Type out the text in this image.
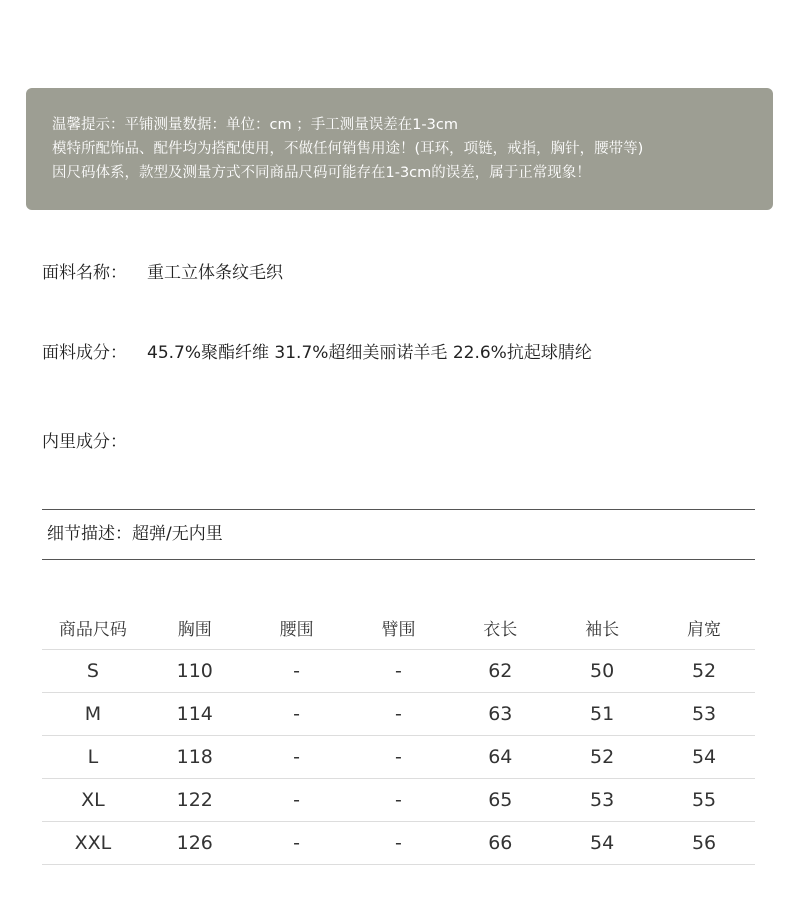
温馨提示：平铺测量数据：单位：cm ；手工测量误差在1-3cm
模特所配饰品、配件均为搭配使用，不做任何销售用途！(耳环，项链，戒指，胸针，腰带等)
因尺码体系，款型及测量方式不同商品尺码可能存在1-3cm的误差，属于正常现象！
面料名称： 重工立体条纹毛织
面料成分： 45.7%聚酯纤维 31.7%超细美丽诺羊毛 22.6%抗起球腈纶
内里成分：
细节描述：超弹/无内里
商品尺码	胸围	腰围	臂围	衣长	袖长	肩宽
S	110	-	-	62	50	52
M	114	-	-	63	51	53
L	118	-	-	64	52	54
XL	122	-	-	65	53	55
XXL	126	-	-	66	54	56
